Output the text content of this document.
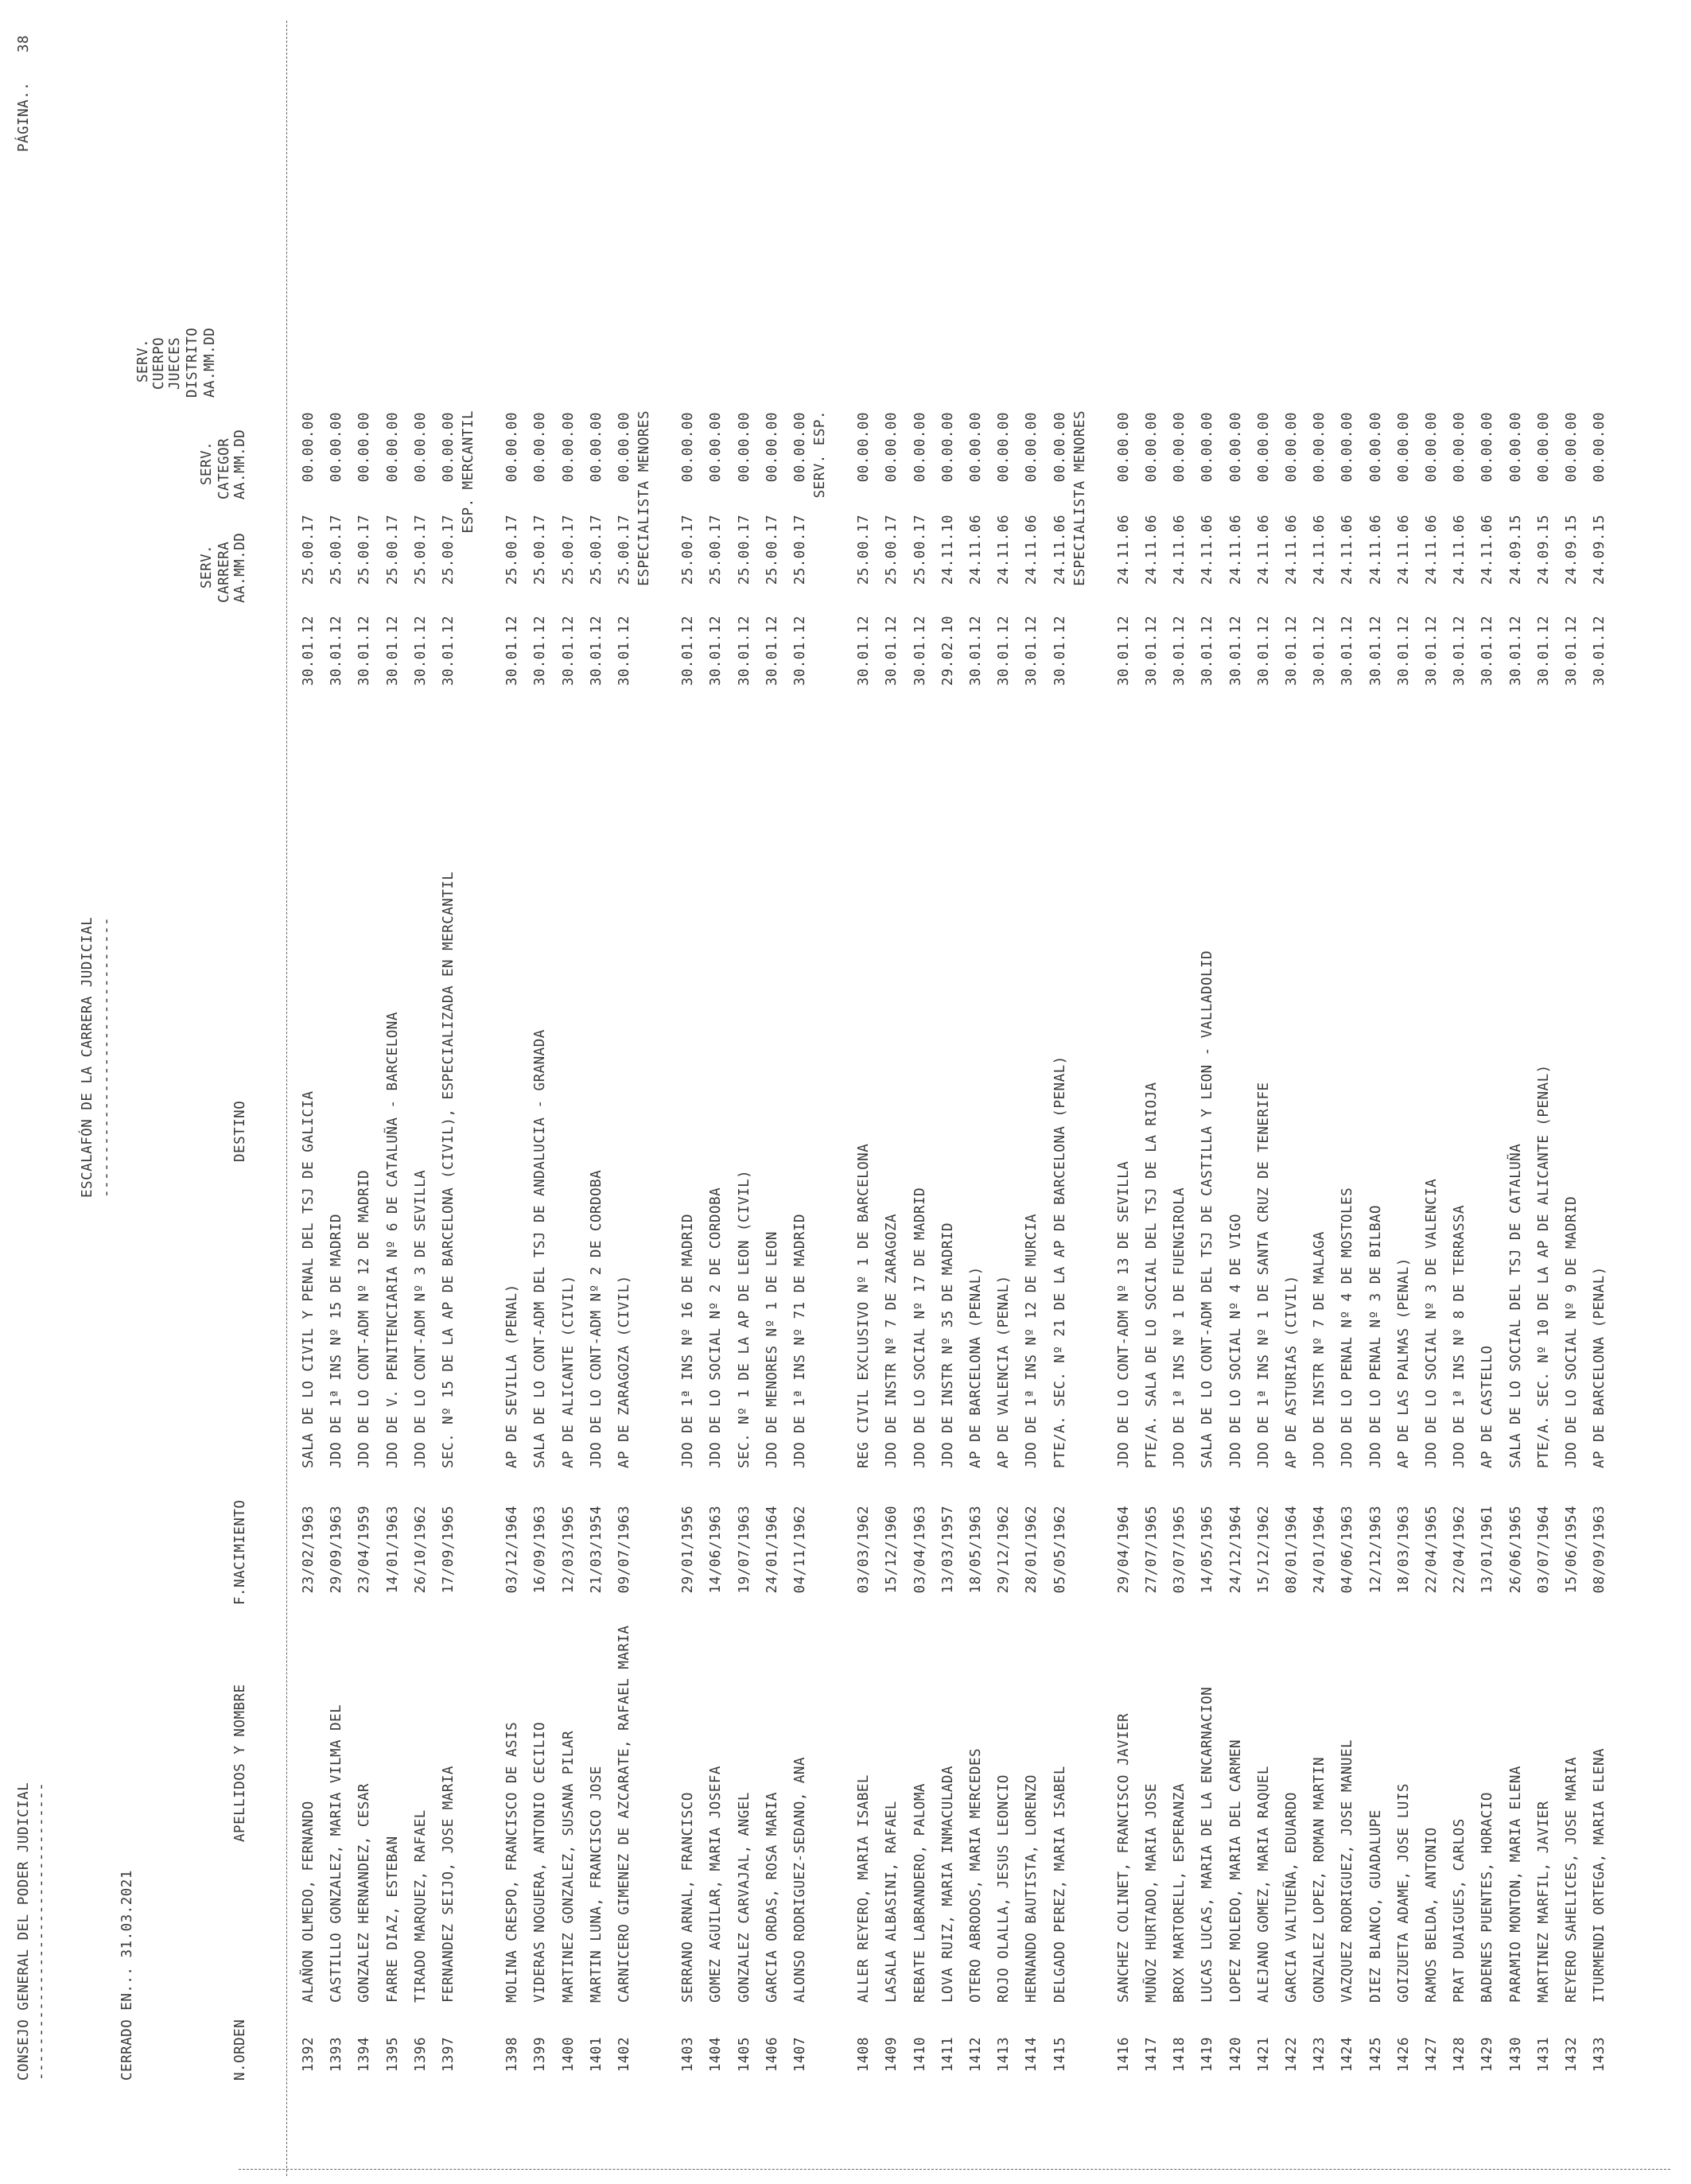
CONSEJO GENERAL DEL PODER JUDICIAL ----------------------------------
PÁGINA..
38
CERRADO EN... 31.03.2021
ESCALAFÓN DE LA CARRERA JUDICIAL --------------------------------
SERV. CARRERA AA.MM.DD
SERV. CATEGOR AA.MM.DD
SERV. CUERPO JUECES DISTRITO AA.MM.DD
N.ORDEN
APELLIDOS Y NOMBRE
F.NACIMIENTO
DESTINO
1392
ALAÑON OLMEDO, FERNANDO
23/02/1963
SALA DE LO CIVIL Y PENAL DEL TSJ DE GALICIA
30.01.12
25.00.17
00.00.00
1393
CASTILLO GONZALEZ, MARIA VILMA DEL
29/09/1963
JDO DE 1ª INS Nº 15 DE MADRID
30.01.12
25.00.17
00.00.00
1394
GONZALEZ HERNANDEZ, CESAR
23/04/1959
JDO DE LO CONT-ADM Nº 12 DE MADRID
30.01.12
25.00.17
00.00.00
1395
FARRE DIAZ, ESTEBAN
14/01/1963
JDO DE V. PENITENCIARIA Nº 6 DE CATALUÑA - BARCELONA
30.01.12
25.00.17
00.00.00
1396
TIRADO MARQUEZ, RAFAEL
26/10/1962
JDO DE LO CONT-ADM Nº 3 DE SEVILLA
30.01.12
25.00.17
00.00.00
1397
FERNANDEZ SEIJO, JOSE MARIA
17/09/1965
SEC. Nº 15 DE LA AP DE BARCELONA (CIVIL), ESPECIALIZADA EN MERCANTIL
30.01.12
25.00.17
00.00.00 ESP. MERCANTIL
1398
MOLINA CRESPO, FRANCISCO DE ASIS
03/12/1964
AP DE SEVILLA (PENAL)
30.01.12
25.00.17
00.00.00
1399
VIDERAS NOGUERA, ANTONIO CECILIO
16/09/1963
SALA DE LO CONT-ADM DEL TSJ DE ANDALUCIA - GRANADA
30.01.12
25.00.17
00.00.00
1400
MARTINEZ GONZALEZ, SUSANA PILAR
12/03/1965
AP DE ALICANTE (CIVIL)
30.01.12
25.00.17
00.00.00
1401
MARTIN LUNA, FRANCISCO JOSE
21/03/1954
JDO DE LO CONT-ADM Nº 2 DE CORDOBA
30.01.12
25.00.17
00.00.00
1402
CARNICERO GIMENEZ DE AZCARATE, RAFAEL MARIA
09/07/1963
AP DE ZARAGOZA (CIVIL)
30.01.12
25.00.17
00.00.00 ESPECIALISTA MENORES
1403
SERRANO ARNAL, FRANCISCO
29/01/1956
JDO DE 1ª INS Nº 16 DE MADRID
30.01.12
25.00.17
00.00.00
1404
GOMEZ AGUILAR, MARIA JOSEFA
14/06/1963
JDO DE LO SOCIAL Nº 2 DE CORDOBA
30.01.12
25.00.17
00.00.00
1405
GONZALEZ CARVAJAL, ANGEL
19/07/1963
SEC. Nº 1 DE LA AP DE LEON (CIVIL)
30.01.12
25.00.17
00.00.00
1406
GARCIA ORDAS, ROSA MARIA
24/01/1964
JDO DE MENORES Nº 1 DE LEON
30.01.12
25.00.17
00.00.00
1407
ALONSO RODRIGUEZ-SEDANO, ANA
04/11/1962
JDO DE 1ª INS Nº 71 DE MADRID
30.01.12
25.00.17
00.00.00 SERV. ESP.
1408
ALLER REYERO, MARIA ISABEL
03/03/1962
REG CIVIL EXCLUSIVO Nº 1 DE BARCELONA
30.01.12
25.00.17
00.00.00
1409
LASALA ALBASINI, RAFAEL
15/12/1960
JDO DE INSTR Nº 7 DE ZARAGOZA
30.01.12
25.00.17
00.00.00
1410
REBATE LABRANDERO, PALOMA
03/04/1963
JDO DE LO SOCIAL Nº 17 DE MADRID
30.01.12
25.00.17
00.00.00
1411
LOVA RUIZ, MARIA INMACULADA
13/03/1957
JDO DE INSTR Nº 35 DE MADRID
29.02.10
24.11.10
00.00.00
1412
OTERO ABRODOS, MARIA MERCEDES
18/05/1963
AP DE BARCELONA (PENAL)
30.01.12
24.11.06
00.00.00
1413
ROJO OLALLA, JESUS LEONCIO
29/12/1962
AP DE VALENCIA (PENAL)
30.01.12
24.11.06
00.00.00
1414
HERNANDO BAUTISTA, LORENZO
28/01/1962
JDO DE 1ª INS Nº 12 DE MURCIA
30.01.12
24.11.06
00.00.00
1415
DELGADO PEREZ, MARIA ISABEL
05/05/1962
PTE/A. SEC. Nº 21 DE LA AP DE BARCELONA (PENAL)
30.01.12
24.11.06
00.00.00 ESPECIALISTA MENORES
1416
SANCHEZ COLINET, FRANCISCO JAVIER
29/04/1964
JDO DE LO CONT-ADM Nº 13 DE SEVILLA
30.01.12
24.11.06
00.00.00
1417
MUÑOZ HURTADO, MARIA JOSE
27/07/1965
PTE/A. SALA DE LO SOCIAL DEL TSJ DE LA RIOJA
30.01.12
24.11.06
00.00.00
1418
BROX MARTORELL, ESPERANZA
03/07/1965
JDO DE 1ª INS Nº 1 DE FUENGIROLA
30.01.12
24.11.06
00.00.00
1419
LUCAS LUCAS, MARIA DE LA ENCARNACION
14/05/1965
SALA DE LO CONT-ADM DEL TSJ DE CASTILLA Y LEON - VALLADOLID
30.01.12
24.11.06
00.00.00
1420
LOPEZ MOLEDO, MARIA DEL CARMEN
24/12/1964
JDO DE LO SOCIAL Nº 4 DE VIGO
30.01.12
24.11.06
00.00.00
1421
ALEJANO GOMEZ, MARIA RAQUEL
15/12/1962
JDO DE 1ª INS Nº 1 DE SANTA CRUZ DE TENERIFE
30.01.12
24.11.06
00.00.00
1422
GARCIA VALTUEÑA, EDUARDO
08/01/1964
AP DE ASTURIAS (CIVIL)
30.01.12
24.11.06
00.00.00
1423
GONZALEZ LOPEZ, ROMAN MARTIN
24/01/1964
JDO DE INSTR Nº 7 DE MALAGA
30.01.12
24.11.06
00.00.00
1424
VAZQUEZ RODRIGUEZ, JOSE MANUEL
04/06/1963
JDO DE LO PENAL Nº 4 DE MOSTOLES
30.01.12
24.11.06
00.00.00
1425
DIEZ BLANCO, GUADALUPE
12/12/1963
JDO DE LO PENAL Nº 3 DE BILBAO
30.01.12
24.11.06
00.00.00
1426
GOIZUETA ADAME, JOSE LUIS
18/03/1963
AP DE LAS PALMAS (PENAL)
30.01.12
24.11.06
00.00.00
1427
RAMOS BELDA, ANTONIO
22/04/1965
JDO DE LO SOCIAL Nº 3 DE VALENCIA
30.01.12
24.11.06
00.00.00
1428
PRAT DUAIGUES, CARLOS
22/04/1962
JDO DE 1ª INS Nº 8 DE TERRASSA
30.01.12
24.11.06
00.00.00
1429
BADENES PUENTES, HORACIO
13/01/1961
AP DE CASTELLO
30.01.12
24.11.06
00.00.00
1430
PARAMIO MONTON, MARIA ELENA
26/06/1965
SALA DE LO SOCIAL DEL TSJ DE CATALUÑA
30.01.12
24.09.15
00.00.00
1431
MARTINEZ MARFIL, JAVIER
03/07/1964
PTE/A. SEC. Nº 10 DE LA AP DE ALICANTE (PENAL)
30.01.12
24.09.15
00.00.00
1432
REYERO SAHELICES, JOSE MARIA
15/06/1954
JDO DE LO SOCIAL Nº 9 DE MADRID
30.01.12
24.09.15
00.00.00
1433
ITURMENDI ORTEGA, MARIA ELENA
08/09/1963
AP DE BARCELONA (PENAL)
30.01.12
24.09.15
00.00.00
